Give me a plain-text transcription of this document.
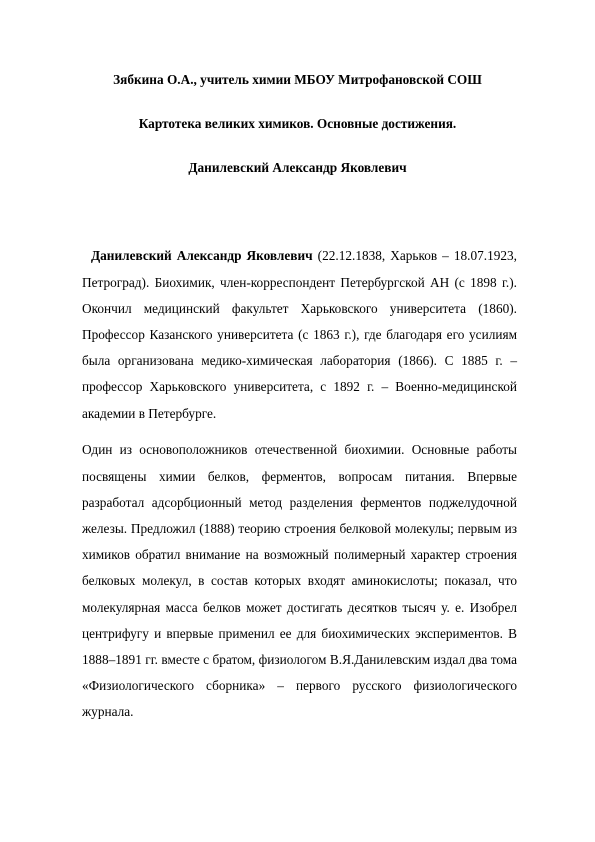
Зябкина О.А., учитель химии МБОУ Митрофановской СОШ
Картотека великих химиков. Основные достижения.
Данилевский Александр Яковлевич

Данилевский Александр Яковлевич (22.12.1838, Харьков – 18.07.1923, Петроград). Биохимик, член-корреспондент Петербургской АН (с 1898 г.). Окончил медицинский факультет Харьковского университета (1860). Профессор Казанского университета (с 1863 г.), где благодаря его усилиям была организована медико-химическая лаборатория (1866). С 1885 г. – профессор Харьковского университета, с 1892 г. – Военно-медицинской академии в Петербурге.

Один из основоположников отечественной биохимии. Основные работы посвящены химии белков, ферментов, вопросам питания. Впервые разработал адсорбционный метод разделения ферментов поджелудочной железы. Предложил (1888) теорию строения белковой молекулы; первым из химиков обратил внимание на возможный полимерный характер строения белковых молекул, в состав которых входят аминокислоты; показал, что молекулярная масса белков может достигать десятков тысяч у. е. Изобрел центрифугу и впервые применил ее для биохимических экспериментов. В 1888–1891 гг. вместе с братом, физиологом В.Я.Данилевским издал два тома «Физиологического сборника» – первого русского физиологического журнала.
